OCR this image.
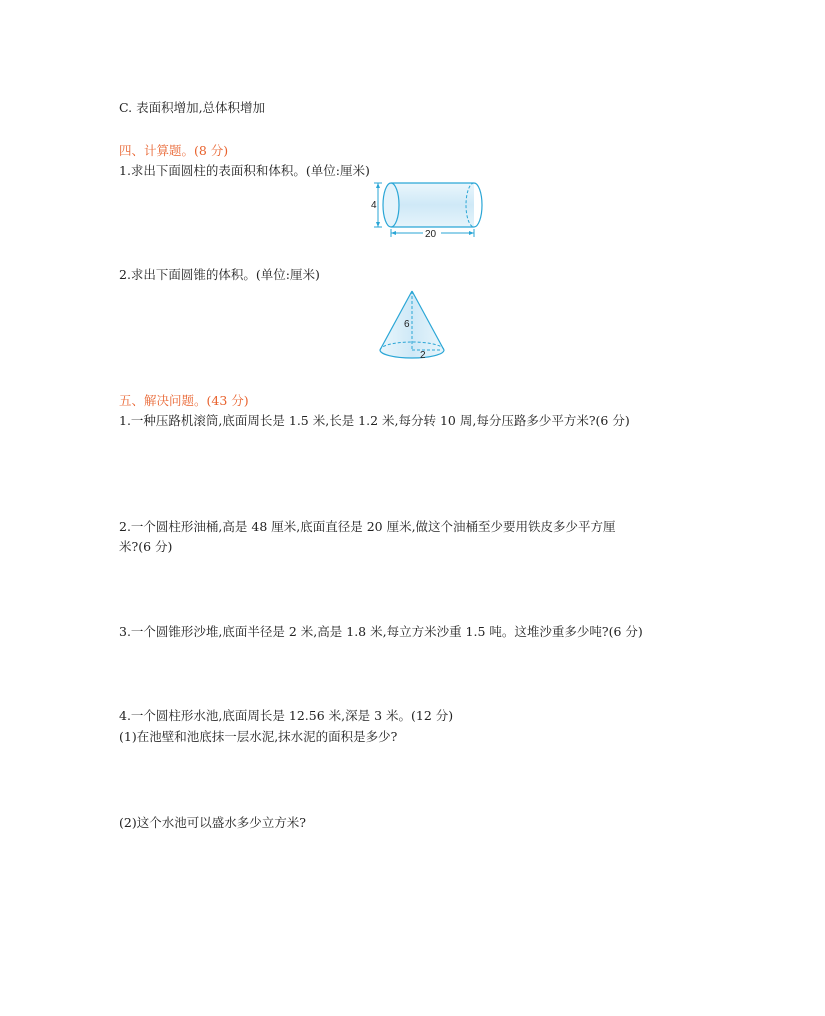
C. 表面积增加,总体积增加
四、计算题。(8 分)
1.求出下面圆柱的表面积和体积。(单位:厘米)
4
20
2.求出下面圆锥的体积。(单位:厘米)
6
2
五、解决问题。(43 分)
1.一种压路机滚筒,底面周长是 1.5 米,长是 1.2 米,每分转 10 周,每分压路多少平方米?(6 分)
2.一个圆柱形油桶,高是 48 厘米,底面直径是 20 厘米,做这个油桶至少要用铁皮多少平方厘
米?(6 分)
3.一个圆锥形沙堆,底面半径是 2 米,高是 1.8 米,每立方米沙重 1.5 吨。这堆沙重多少吨?(6 分)
4.一个圆柱形水池,底面周长是 12.56 米,深是 3 米。(12 分)
(1)在池壁和池底抹一层水泥,抹水泥的面积是多少?
(2)这个水池可以盛水多少立方米?
